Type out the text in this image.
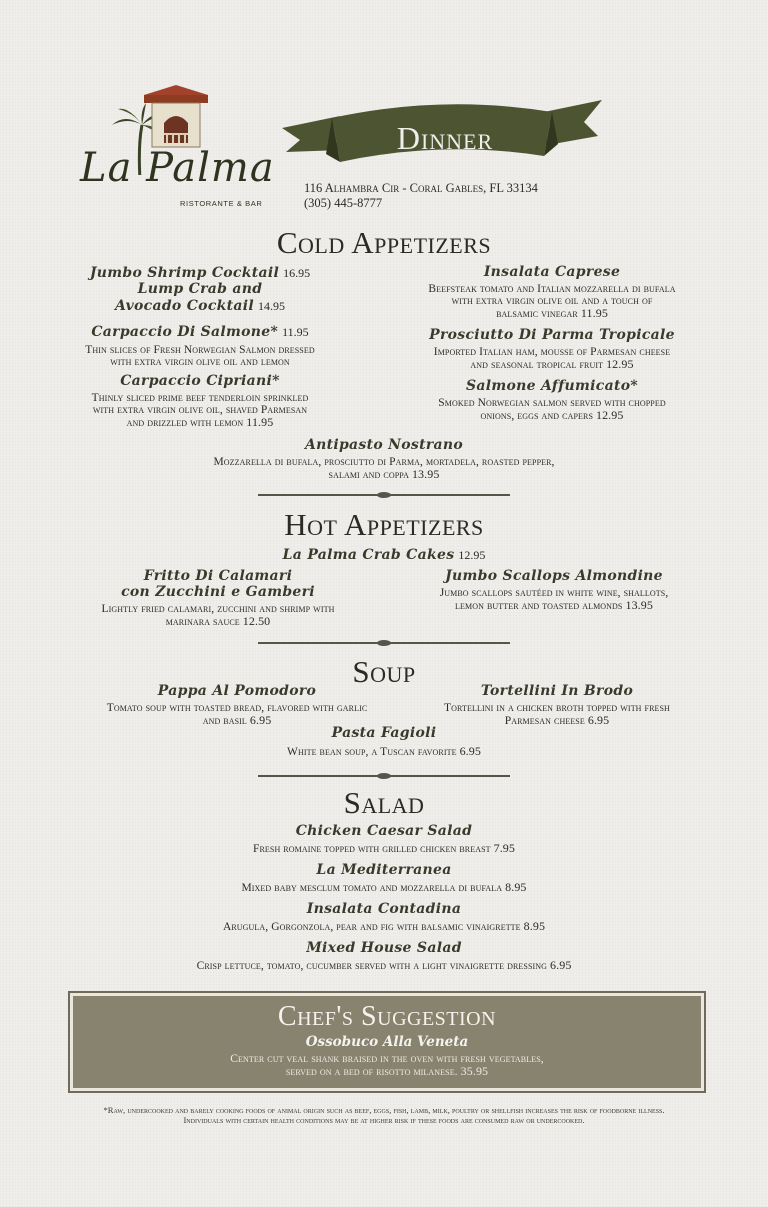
La Palma
RISTORANTE & BAR
Dinner
116 Alhambra Cir - Coral Gables, FL 33134
(305) 445-8777
Cold Appetizers
Jumbo Shrimp Cocktail 16.95
Lump Crab and
Avocado Cocktail 14.95
Carpaccio Di Salmone* 11.95
Thin slices of Fresh Norwegian Salmon dressed
with extra virgin olive oil and lemon
Carpaccio Cipriani*
Thinly sliced prime beef tenderloin sprinkled
with extra virgin olive oil, shaved Parmesan
and drizzled with lemon 11.95
Insalata Caprese
Beefsteak tomato and Italian mozzarella di bufala
with extra virgin olive oil and a touch of
balsamic vinegar 11.95
Prosciutto Di Parma Tropicale
Imported Italian ham, mousse of Parmesan cheese
and seasonal tropical fruit 12.95
Salmone Affumicato*
Smoked Norwegian salmon served with chopped
onions, eggs and capers 12.95
Antipasto Nostrano
Mozzarella di bufala, prosciutto di Parma, mortadela, roasted pepper,
salami and coppa 13.95
Hot Appetizers
La Palma Crab Cakes 12.95
Fritto Di Calamari
con Zucchini e Gamberi
Lightly fried calamari, zucchini and shrimp with
marinara sauce 12.50
Jumbo Scallops Almondine
Jumbo scallops sautéed in white wine, shallots,
lemon butter and toasted almonds 13.95
Soup
Pappa Al Pomodoro
Tomato soup with toasted bread, flavored with garlic
and basil 6.95
Tortellini In Brodo
Tortellini in a chicken broth topped with fresh
Parmesan cheese 6.95
Pasta Fagioli
White bean soup, a Tuscan favorite 6.95
Salad
Chicken Caesar Salad
Fresh romaine topped with grilled chicken breast 7.95
La Mediterranea
Mixed baby mesclum tomato and mozzarella di bufala 8.95
Insalata Contadina
Arugula, Gorgonzola, pear and fig with balsamic vinaigrette 8.95
Mixed House Salad
Crisp lettuce, tomato, cucumber served with a light vinaigrette dressing 6.95
Chef's Suggestion
Ossobuco Alla Veneta
Center cut veal shank braised in the oven with fresh vegetables,
served on a bed of risotto milanese. 35.95
*Raw, undercooked and barely cooking foods of animal origin such as beef, eggs, fish, lamb, milk, poultry or shellfish increases the risk of foodborne illness.
Individuals with certain health conditions may be at higher risk if these foods are consumed raw or undercooked.
